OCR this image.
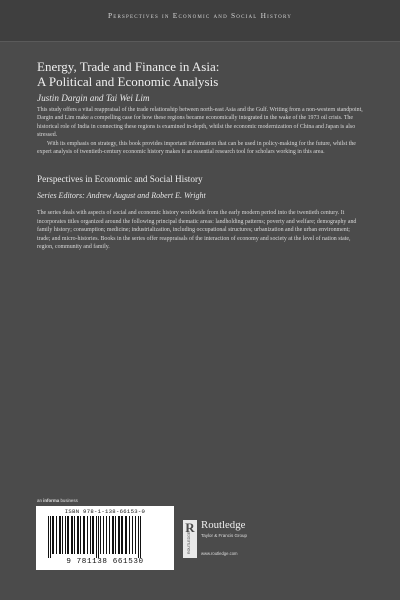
Perspectives in Economic and Social History
Energy, Trade and Finance in Asia:
A Political and Economic Analysis
Justin Dargin and Tai Wei Lim

This study offers a vital reappraisal of the trade relationship between north-east Asia and the Gulf. Writing from a non-western standpoint, Dargin and Lim make a compelling case for how these regions became economically integrated in the wake of the 1973 oil crisis. The historical role of India in connecting these regions is examined in-depth, whilst the economic modernization of China and Japan is also stressed.

With its emphasis on strategy, this book provides important information that can be used in policy-making for the future, whilst the expert analysis of twentieth-century economic history makes it an essential research tool for scholars working in this area.

Perspectives in Economic and Social History
Series Editors: Andrew August and Robert E. Wright

The series deals with aspects of social and economic history worldwide from the early modern period into the twentieth century. It incorporates titles organized around the following principal thematic areas: landholding patterns; poverty and welfare; demography and family history; consumption; medicine; industrialization, including occupational structures; urbanization and the urban environment; trade; and micro-histories. Books in the series offer reappraisals of the interaction of economy and society at the level of nation state, region, community and family.

an informa business
ISBN 978-1-138-66153-0
9 781138 661530
R
ROUTLEDGE
Routledge
Taylor & Francis Group
www.routledge.com
